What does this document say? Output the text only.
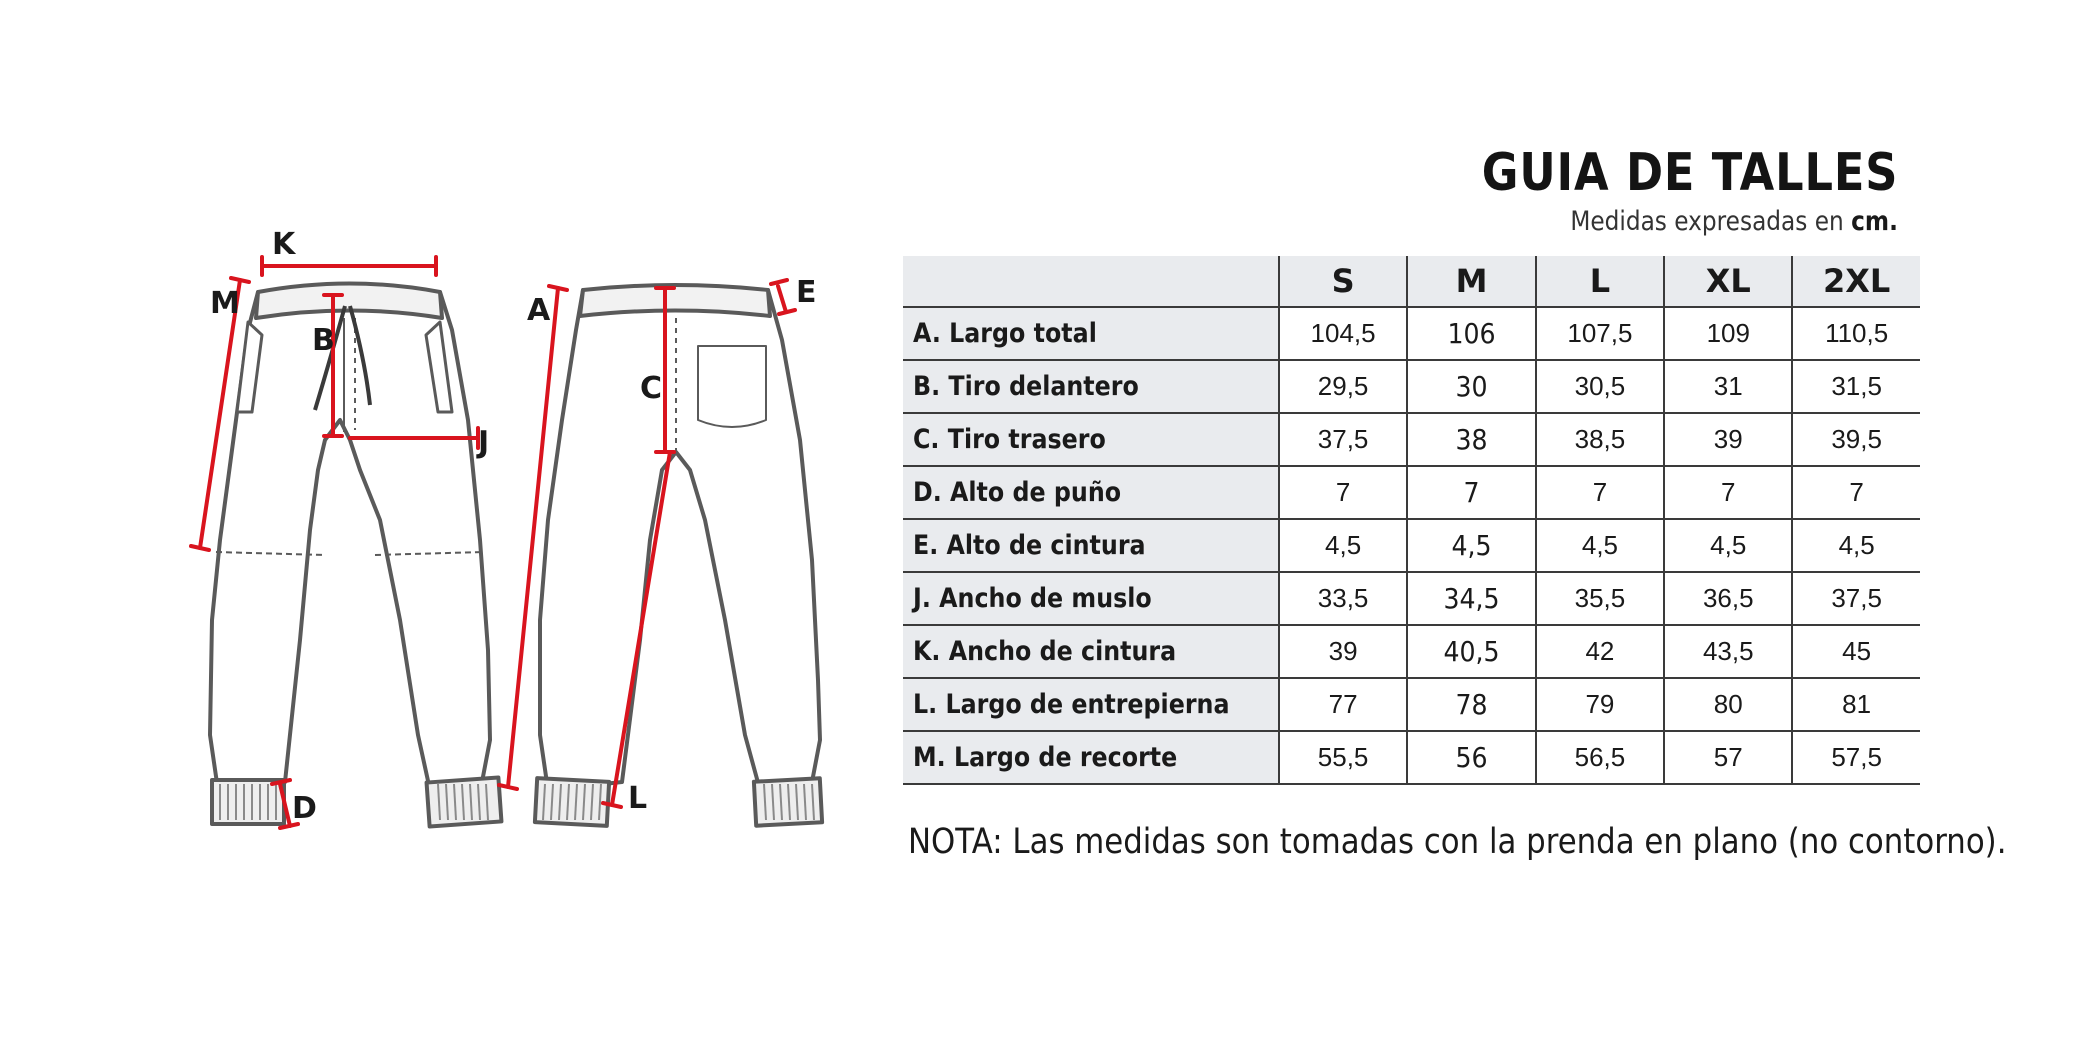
K
M
B
J
D
A
C
E
L
GUIA DE TALLES
Medidas expresadas en cm.
	S	M	L	XL	2XL
A. Largo total	104,5	106	107,5	109	110,5
B. Tiro delantero	29,5	30	30,5	31	31,5
C. Tiro trasero	37,5	38	38,5	39	39,5
D. Alto de puño	7	7	7	7	7
E. Alto de cintura	4,5	4,5	4,5	4,5	4,5
J. Ancho de muslo	33,5	34,5	35,5	36,5	37,5
K. Ancho de cintura	39	40,5	42	43,5	45
L. Largo de entrepierna	77	78	79	80	81
M. Largo de recorte	55,5	56	56,5	57	57,5
NOTA: Las medidas son tomadas con la prenda en plano (no contorno).
